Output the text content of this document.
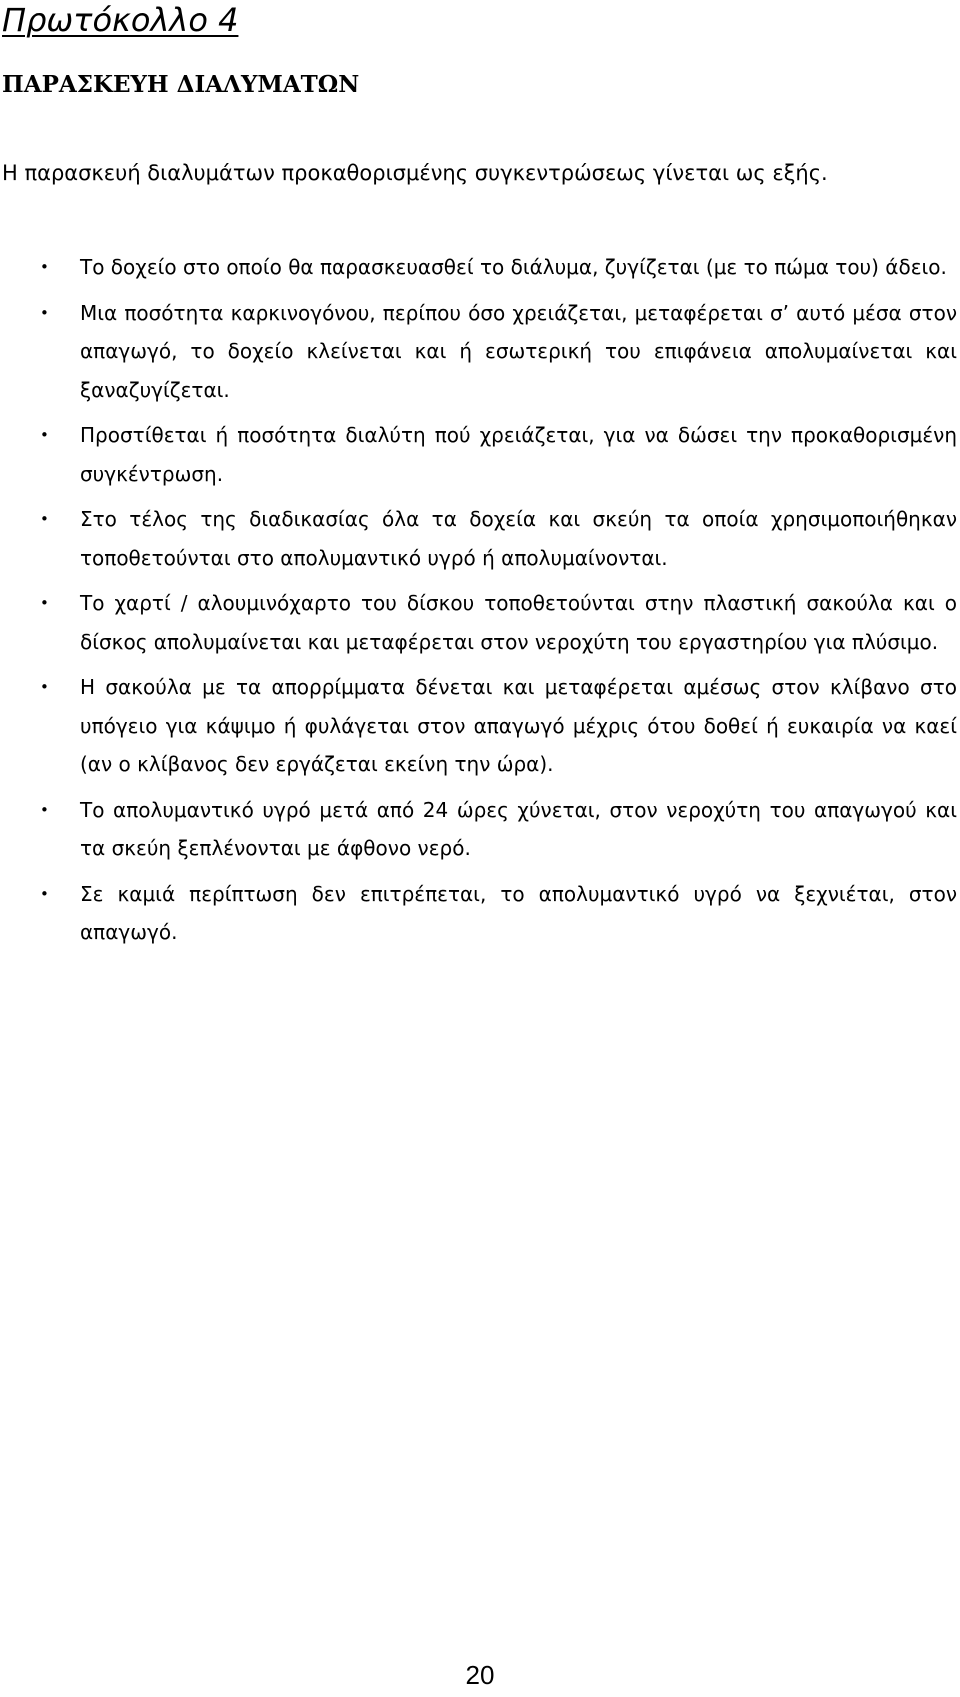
Πρωτόκολλο 4
ΠΑΡΑΣΚΕΥΗ ΔΙΑΛΥΜΑΤΩΝ

Η παρασκευή διαλυμάτων προκαθορισμένης συγκεντρώσεως γίνεται ως εξής.

•	Το δοχείο στο οποίο θα παρασκευασθεί το διάλυμα, ζυγίζεται (με το πώμα του) άδειο.
•	Μια ποσότητα καρκινογόνου, περίπου όσο χρειάζεται, μεταφέρεται σ’ αυτό μέσα στον απαγωγό, το δοχείο κλείνεται και ή εσωτερική του επιφάνεια απολυμαίνεται και ξαναζυγίζεται.
•	Προστίθεται ή ποσότητα διαλύτη πού χρειάζεται, για να δώσει την προκαθορισμένη συγκέντρωση.
•	Στο τέλος της διαδικασίας όλα τα δοχεία και σκεύη τα οποία χρησιμοποιήθηκαν τοποθετούνται στο απολυμαντικό υγρό ή απολυμαίνονται.
•	Το χαρτί / αλουμινόχαρτο του δίσκου τοποθετούνται στην πλαστική σακούλα και ο δίσκος απολυμαίνεται και μεταφέρεται στον νεροχύτη του εργαστηρίου για πλύσιμο.
•	Η σακούλα με τα απορρίμματα δένεται και μεταφέρεται αμέσως στον κλίβανο στο υπόγειο για κάψιμο ή φυλάγεται στον απαγωγό μέχρις ότου δοθεί ή ευκαιρία να καεί (αν ο κλίβανος δεν εργάζεται εκείνη την ώρα).
•	Το απολυμαντικό υγρό μετά από 24 ώρες χύνεται, στον νεροχύτη του απαγωγού και τα σκεύη ξεπλένονται με άφθονο νερό.
•	Σε καμιά περίπτωση δεν επιτρέπεται, το απολυμαντικό υγρό να ξεχνιέται, στον απαγωγό.
20
